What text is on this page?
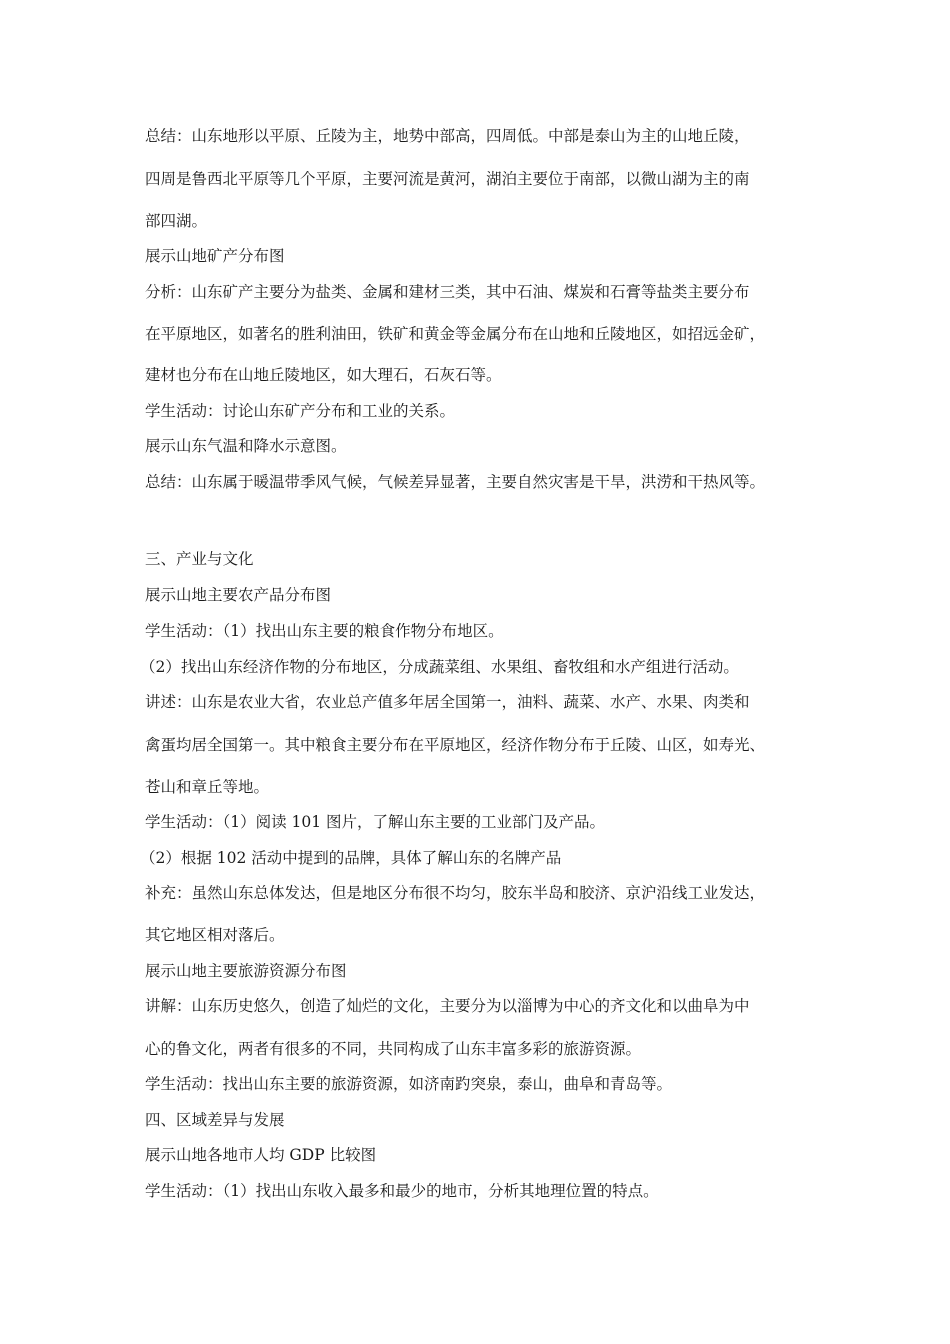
总结：山东地形以平原、丘陵为主，地势中部高，四周低。中部是泰山为主的山地丘陵，
四周是鲁西北平原等几个平原，主要河流是黄河，湖泊主要位于南部，以微山湖为主的南
部四湖。
展示山地矿产分布图
分析：山东矿产主要分为盐类、金属和建材三类，其中石油、煤炭和石膏等盐类主要分布
在平原地区，如著名的胜利油田，铁矿和黄金等金属分布在山地和丘陵地区，如招远金矿，
建材也分布在山地丘陵地区，如大理石，石灰石等。
学生活动：讨论山东矿产分布和工业的关系。
展示山东气温和降水示意图。
总结：山东属于暖温带季风气候，气候差异显著，主要自然灾害是干旱，洪涝和干热风等。
三、产业与文化
展示山地主要农产品分布图
学生活动：（1）找出山东主要的粮食作物分布地区。
（2）找出山东经济作物的分布地区，分成蔬菜组、水果组、畜牧组和水产组进行活动。
讲述：山东是农业大省，农业总产值多年居全国第一，油料、蔬菜、水产、水果、肉类和
禽蛋均居全国第一。其中粮食主要分布在平原地区，经济作物分布于丘陵、山区，如寿光、
苍山和章丘等地。
学生活动：（1）阅读 101 图片，了解山东主要的工业部门及产品。
（2）根据 102 活动中提到的品牌，具体了解山东的名牌产品
补充：虽然山东总体发达，但是地区分布很不均匀，胶东半岛和胶济、京沪沿线工业发达，
其它地区相对落后。
展示山地主要旅游资源分布图
讲解：山东历史悠久，创造了灿烂的文化，主要分为以淄博为中心的齐文化和以曲阜为中
心的鲁文化，两者有很多的不同，共同构成了山东丰富多彩的旅游资源。
学生活动：找出山东主要的旅游资源，如济南趵突泉，泰山，曲阜和青岛等。
四、区域差异与发展
展示山地各地市人均 GDP 比较图
学生活动：（1）找出山东收入最多和最少的地市，分析其地理位置的特点。
